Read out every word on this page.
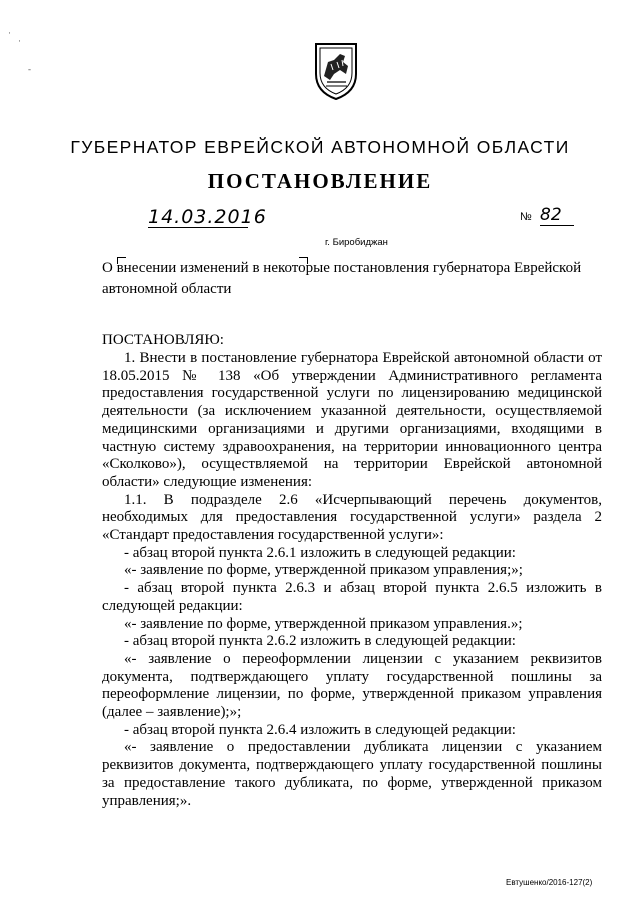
ГУБЕРНАТОР ЕВРЕЙСКОЙ АВТОНОМНОЙ ОБЛАСТИ
ПОСТАНОВЛЕНИЕ
14.03.2016	№ 82
г. Биробиджан
О внесении изменений в некоторые постановления губернатора Еврейской автономной области
ПОСТАНОВЛЯЮ:

1. Внести в постановление губернатора Еврейской автономной области от 18.05.2015 № 138 «Об утверждении Административного регламента предоставления государственной услуги по лицензированию медицинской деятельности (за исключением указанной деятельности, осуществляемой медицинскими организациями и другими организациями, входящими в частную систему здравоохранения, на территории инновационного центра «Сколково»), осуществляемой на территории Еврейской автономной области» следующие изменения:

1.1. В подразделе 2.6 «Исчерпывающий перечень документов, необходимых для предоставления государственной услуги» раздела 2 «Стандарт предоставления государственной услуги»:

- абзац второй пункта 2.6.1 изложить в следующей редакции:

«- заявление по форме, утвержденной приказом управления;»;

- абзац второй пункта 2.6.3 и абзац второй пункта 2.6.5 изложить в следующей редакции:

«- заявление по форме, утвержденной приказом управления.»;

- абзац второй пункта 2.6.2 изложить в следующей редакции:

«- заявление о переоформлении лицензии с указанием реквизитов документа, подтверждающего уплату государственной пошлины за переоформление лицензии, по форме, утвержденной приказом управления (далее – заявление);»;

- абзац второй пункта 2.6.4 изложить в следующей редакции:

«- заявление о предоставлении дубликата лицензии с указанием реквизитов документа, подтверждающего уплату государственной пошлины за предоставление такого дубликата, по форме, утвержденной приказом управления;».

Евтушенко/2016-127(2)
·
·
-
